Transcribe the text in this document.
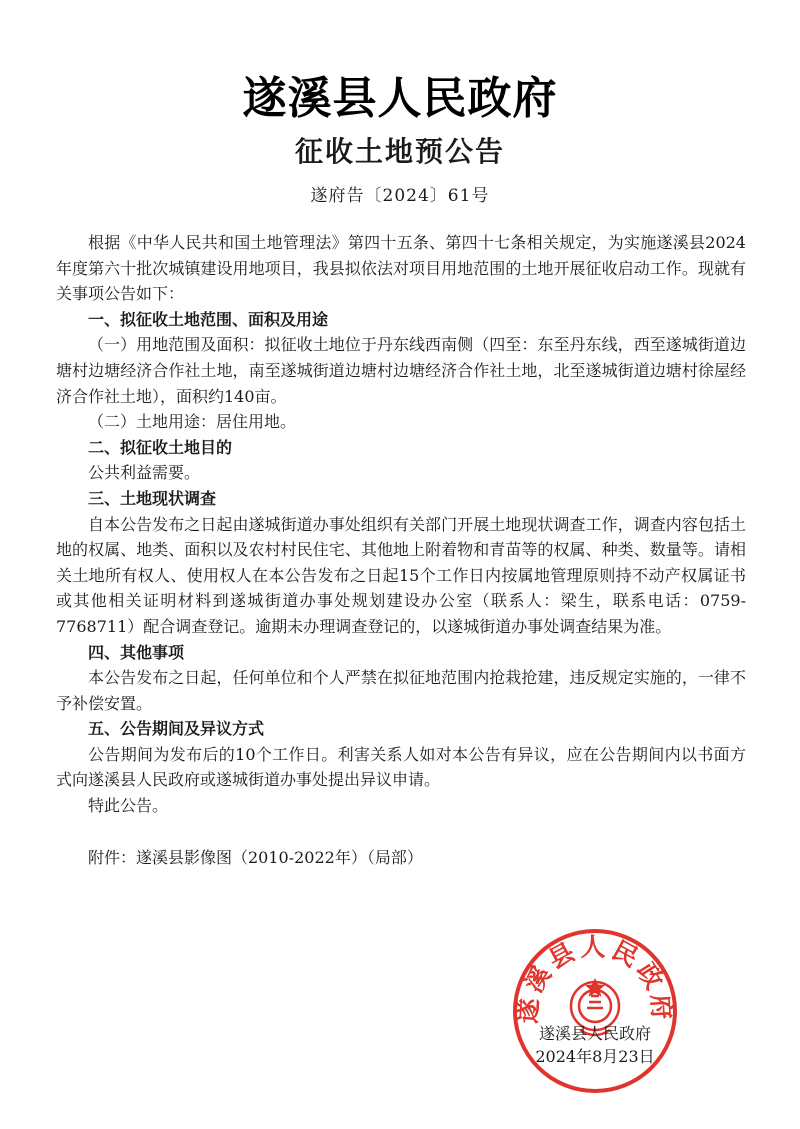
遂溪县人民政府
征收土地预公告
遂府告〔2024〕61号

根据《中华人民共和国土地管理法》第四十五条、第四十七条相关规定，为实施遂溪县2024年度第六十批次城镇建设用地项目，我县拟依法对项目用地范围的土地开展征收启动工作。现就有关事项公告如下：

一、拟征收土地范围、面积及用途

（一）用地范围及面积：拟征收土地位于丹东线西南侧（四至：东至丹东线，西至遂城街道边塘村边塘经济合作社土地，南至遂城街道边塘村边塘经济合作社土地，北至遂城街道边塘村徐屋经济合作社土地），面积约140亩。

（二）土地用途：居住用地。

二、拟征收土地目的

公共利益需要。

三、土地现状调查

自本公告发布之日起由遂城街道办事处组织有关部门开展土地现状调查工作，调查内容包括土地的权属、地类、面积以及农村村民住宅、其他地上附着物和青苗等的权属、种类、数量等。请相关土地所有权人、使用权人在本公告发布之日起15个工作日内按属地管理原则持不动产权属证书或其他相关证明材料到遂城街道办事处规划建设办公室（联系人：梁生，联系电话：0759-7768711）配合调查登记。逾期未办理调查登记的，以遂城街道办事处调查结果为准。

四、其他事项

本公告发布之日起，任何单位和个人严禁在拟征地范围内抢栽抢建，违反规定实施的，一律不予补偿安置。

五、公告期间及异议方式

公告期间为发布后的10个工作日。利害关系人如对本公告有异议，应在公告期间内以书面方式向遂溪县人民政府或遂城街道办事处提出异议申请。

特此公告。

附件：遂溪县影像图（2010-2022年）（局部）

遂溪县人民政府
遂溪县人民政府
2024年8月23日
